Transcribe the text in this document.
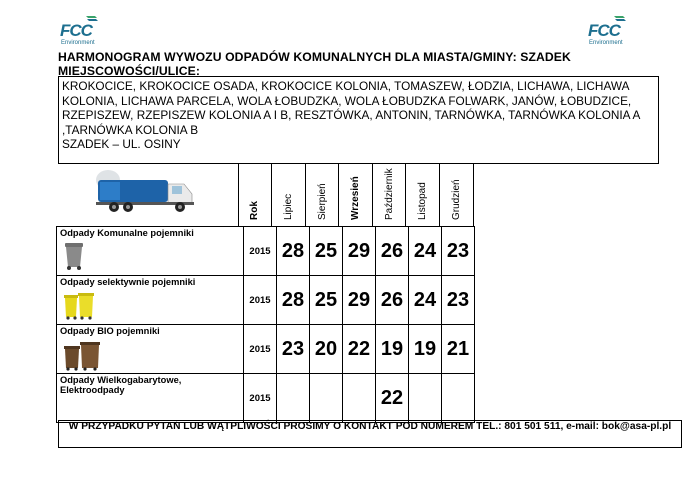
FCC
Environment
FCC
Environment
HARMONOGRAM WYWOZU ODPADÓW KOMUNALNYCH DLA MIASTA/GMINY: SZADEK MIEJSCOWOŚCI/ULICE:
KROKOCICE, KROKOCICE OSADA, KROKOCICE KOLONIA, TOMASZEW, ŁODZIA, LICHAWA, LICHAWA
KOLONIA, LICHAWA PARCELA, WOLA ŁOBUDZKA, WOLA ŁOBUDZKA FOLWARK, JANÓW, ŁOBUDZICE,
RZEPISZEW, RZEPISZEW KOLONIA A I B, RESZTÓWKA, ANTONIN, TARNÓWKA, TARNÓWKA KOLONIA A
,TARNÓWKA KOLONIA B
SZADEK – UL. OSINY
Rok Lipiec Sierpień Wrzesień Październik Listopad Grudzień
Odpady Komunalne pojemniki	2015	28	25	29	26	24	23
Odpady selektywnie pojemniki	2015	28	25	29	26	24	23
Odpady BIO pojemniki	2015	23	20	22	19	19	21
Odpady Wielkogabarytowe, Elektroodpady	2015				22		
W PRZYPADKU PYTAŃ LUB WĄTPLIWOŚCI PROSIMY O KONTAKT POD NUMEREM TEL.: 801 501 511, e-mail: bok@asa-pl.pl
